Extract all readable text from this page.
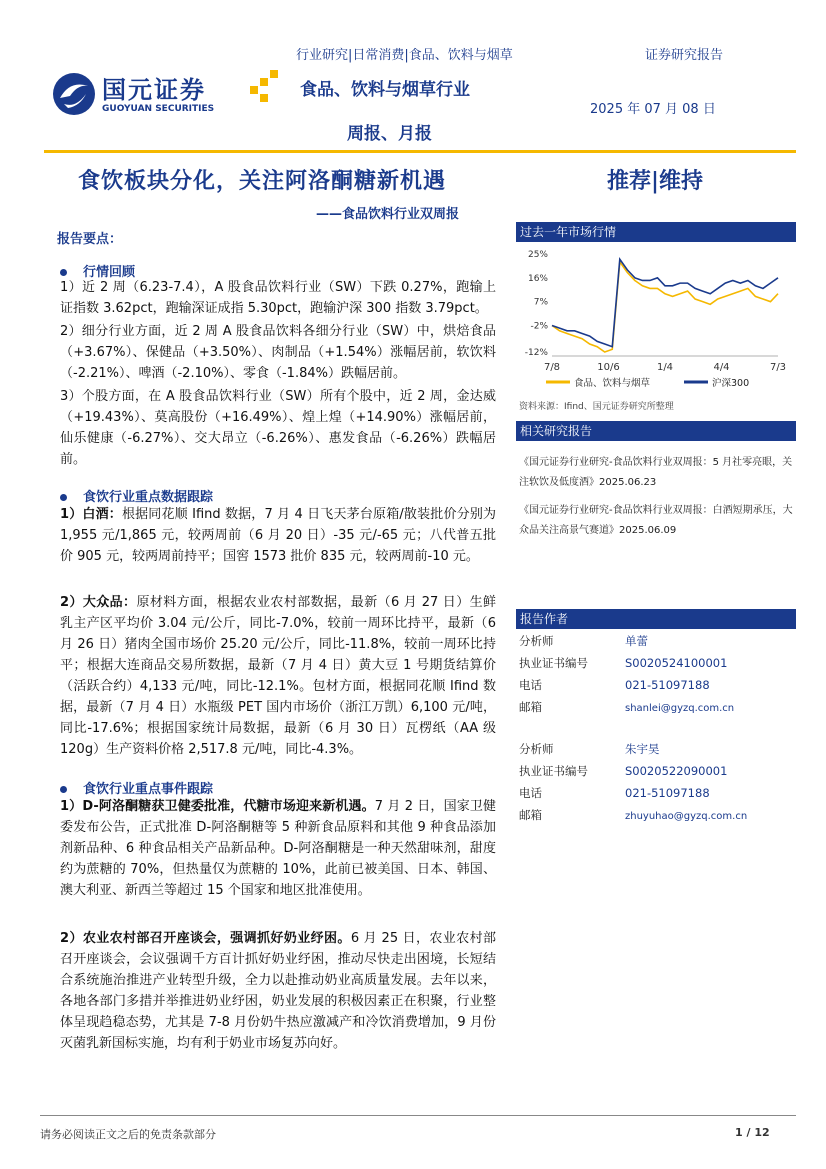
行业研究|日常消费|食品、饮料与烟草	证券研究报告
国元证券
GUOYUAN SECURITIES
食品、饮料与烟草行业
周报、月报
2025 年 07 月 08 日
食饮板块分化，关注阿洛酮糖新机遇	推荐|维持
——食品饮料行业双周报
报告要点：
行情回顾
1）近 2 周（6.23-7.4），A 股食品饮料行业（SW）下跌 0.27%，跑输上证指数 3.62pct，跑输深证成指 5.30pct，跑输沪深 300 指数 3.79pct。
2）细分行业方面，近 2 周 A 股食品饮料各细分行业（SW）中，烘焙食品（+3.67%）、保健品（+3.50%）、肉制品（+1.54%）涨幅居前，软饮料（-2.21%）、啤酒（-2.10%）、零食（-1.84%）跌幅居前。
3）个股方面，在 A 股食品饮料行业（SW）所有个股中，近 2 周，金达威（+19.43%）、莫高股份（+16.49%）、煌上煌（+14.90%）涨幅居前，仙乐健康（-6.27%）、交大昂立（-6.26%）、惠发食品（-6.26%）跌幅居前。
食饮行业重点数据跟踪
1）白酒：根据同花顺 Ifind 数据，7 月 4 日飞天茅台原箱/散装批价分别为 1,955 元/1,865 元，较两周前（6 月 20 日）-35 元/-65 元；八代普五批价 905 元，较两周前持平；国窖 1573 批价 835 元，较两周前-10 元。
2）大众品：原材料方面，根据农业农村部数据，最新（6 月 27 日）生鲜乳主产区平均价 3.04 元/公斤，同比-7.0%，较前一周环比持平，最新（6 月 26 日）猪肉全国市场价 25.20 元/公斤，同比-11.8%，较前一周环比持平；根据大连商品交易所数据，最新（7 月 4 日）黄大豆 1 号期货结算价（活跃合约）4,133 元/吨，同比-12.1%。包材方面，根据同花顺 Ifind 数据，最新（7 月 4 日）水瓶级 PET 国内市场价（浙江万凯）6,100 元/吨，同比-17.6%；根据国家统计局数据，最新（6 月 30 日）瓦楞纸（AA 级 120g）生产资料价格 2,517.8 元/吨，同比-4.3%。
食饮行业重点事件跟踪
1）D-阿洛酮糖获卫健委批准，代糖市场迎来新机遇。7 月 2 日，国家卫健委发布公告，正式批准 D-阿洛酮糖等 5 种新食品原料和其他 9 种食品添加剂新品种、6 种食品相关产品新品种。D-阿洛酮糖是一种天然甜味剂，甜度约为蔗糖的 70%，但热量仅为蔗糖的 10%，此前已被美国、日本、韩国、澳大利亚、新西兰等超过 15 个国家和地区批准使用。
2）农业农村部召开座谈会，强调抓好奶业纾困。6 月 25 日，农业农村部召开座谈会，会议强调千方百计抓好奶业纾困，推动尽快走出困境，长短结合系统施治推进产业转型升级，全力以赴推动奶业高质量发展。去年以来，各地各部门多措并举推进奶业纾困，奶业发展的积极因素正在积聚，行业整体呈现趋稳态势，尤其是 7-8 月份奶牛热应激减产和冷饮消费增加，9 月份灭菌乳新国标实施，均有利于奶业市场复苏向好。
过去一年市场行情
25%
16%
7%
-2%
-12%
7/8	10/6	1/4	4/4	7/3
食品、饮料与烟草	沪深300
资料来源：Ifind、国元证券研究所整理
相关研究报告
《国元证券行业研究-食品饮料行业双周报：5 月社零亮眼，关注软饮及低度酒》2025.06.23
《国元证券行业研究-食品饮料行业双周报：白酒短期承压，大众品关注高景气赛道》2025.06.09
报告作者
分析师	单蕾
执业证书编号	S0020524100001
电话	021-51097188
邮箱	shanlei@gyzq.com.cn
分析师	朱宇昊
执业证书编号	S0020522090001
电话	021-51097188
邮箱	zhuyuhao@gyzq.com.cn
请务必阅读正文之后的免责条款部分	1 / 12
